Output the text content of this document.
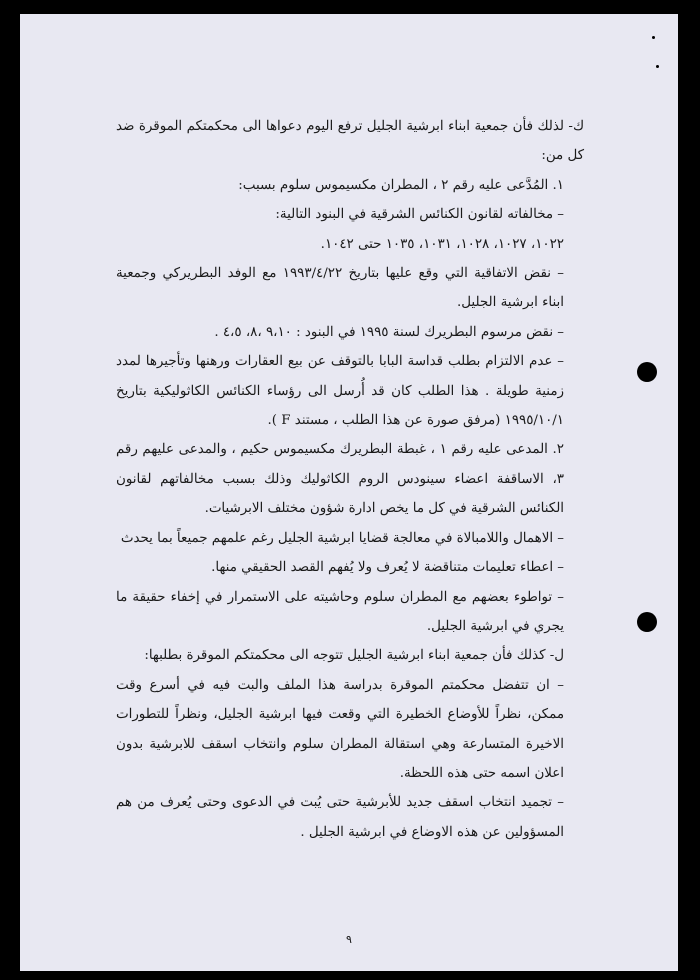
ك- لذلك فأن جمعية ابناء ابرشية الجليل ترفع اليوم دعواها الى محكمتكم الموقرة ضد كل من:

١. المُدَّعى عليه رقم ٢ ، المطران مكسيموس سلوم بسبب:

– مخالفاته لقانون الكنائس الشرقية في البنود التالية:

١٠٢٢، ١٠٢٧، ١٠٢٨، ١٠٣١، ١٠٣٥ حتى ١٠٤٢.

– نقض الاتفاقية التي وقع عليها بتاريخ ١٩٩٣/٤/٢٢ مع الوفد البطريركي وجمعية ابناء ابرشية الجليل.

– نقض مرسوم البطريرك لسنة ١٩٩٥ في البنود : ٩،١٠ ،٨، ٤،٥ .

– عدم الالتزام بطلب قداسة البابا بالتوقف عن بيع العقارات ورهنها وتأجيرها لمدد زمنية طويلة . هذا الطلب كان قد أُرسل الى رؤساء الكنائس الكاثوليكية بتاريخ ١٩٩٥/١٠/١ (مرفق صورة عن هذا الطلب ، مستند F ).

٢. المدعى عليه رقم ١ ، غبطة البطريرك مكسيموس حكيم ، والمدعى عليهم رقم ٣، الاساقفة اعضاء سينودس الروم الكاثوليك وذلك بسبب مخالفاتهم لقانون الكنائس الشرقية في كل ما يخص ادارة شؤون مختلف الابرشيات.

– الاهمال واللامبالاة في معالجة قضايا ابرشية الجليل رغم علمهم جميعاً بما يحدث

– اعطاء تعليمات متناقضة لا يُعرف ولا يُفهم القصد الحقيقي منها.

– تواطوء بعضهم مع المطران سلوم وحاشيته على الاستمرار في إخفاء حقيقة ما يجري في ابرشية الجليل.

ل- كذلك فأن جمعية ابناء ابرشية الجليل تتوجه الى محكمتكم الموقرة بطلبها:

– ان تتفضل محكمتم الموقرة بدراسة هذا الملف والبت فيه في أسرع وقت ممكن، نظراً للأوضاع الخطيرة التي وقعت فيها ابرشية الجليل، ونظراً للتطورات الاخيرة المتسارعة وهي استقالة المطران سلوم وانتخاب اسقف للابرشية بدون اعلان اسمه حتى هذه اللحظة.

– تجميد انتخاب اسقف جديد للأبرشية حتى يُبت في الدعوى وحتى يُعرف من هم المسؤولين عن هذه الاوضاع في ابرشية الجليل .

٩
